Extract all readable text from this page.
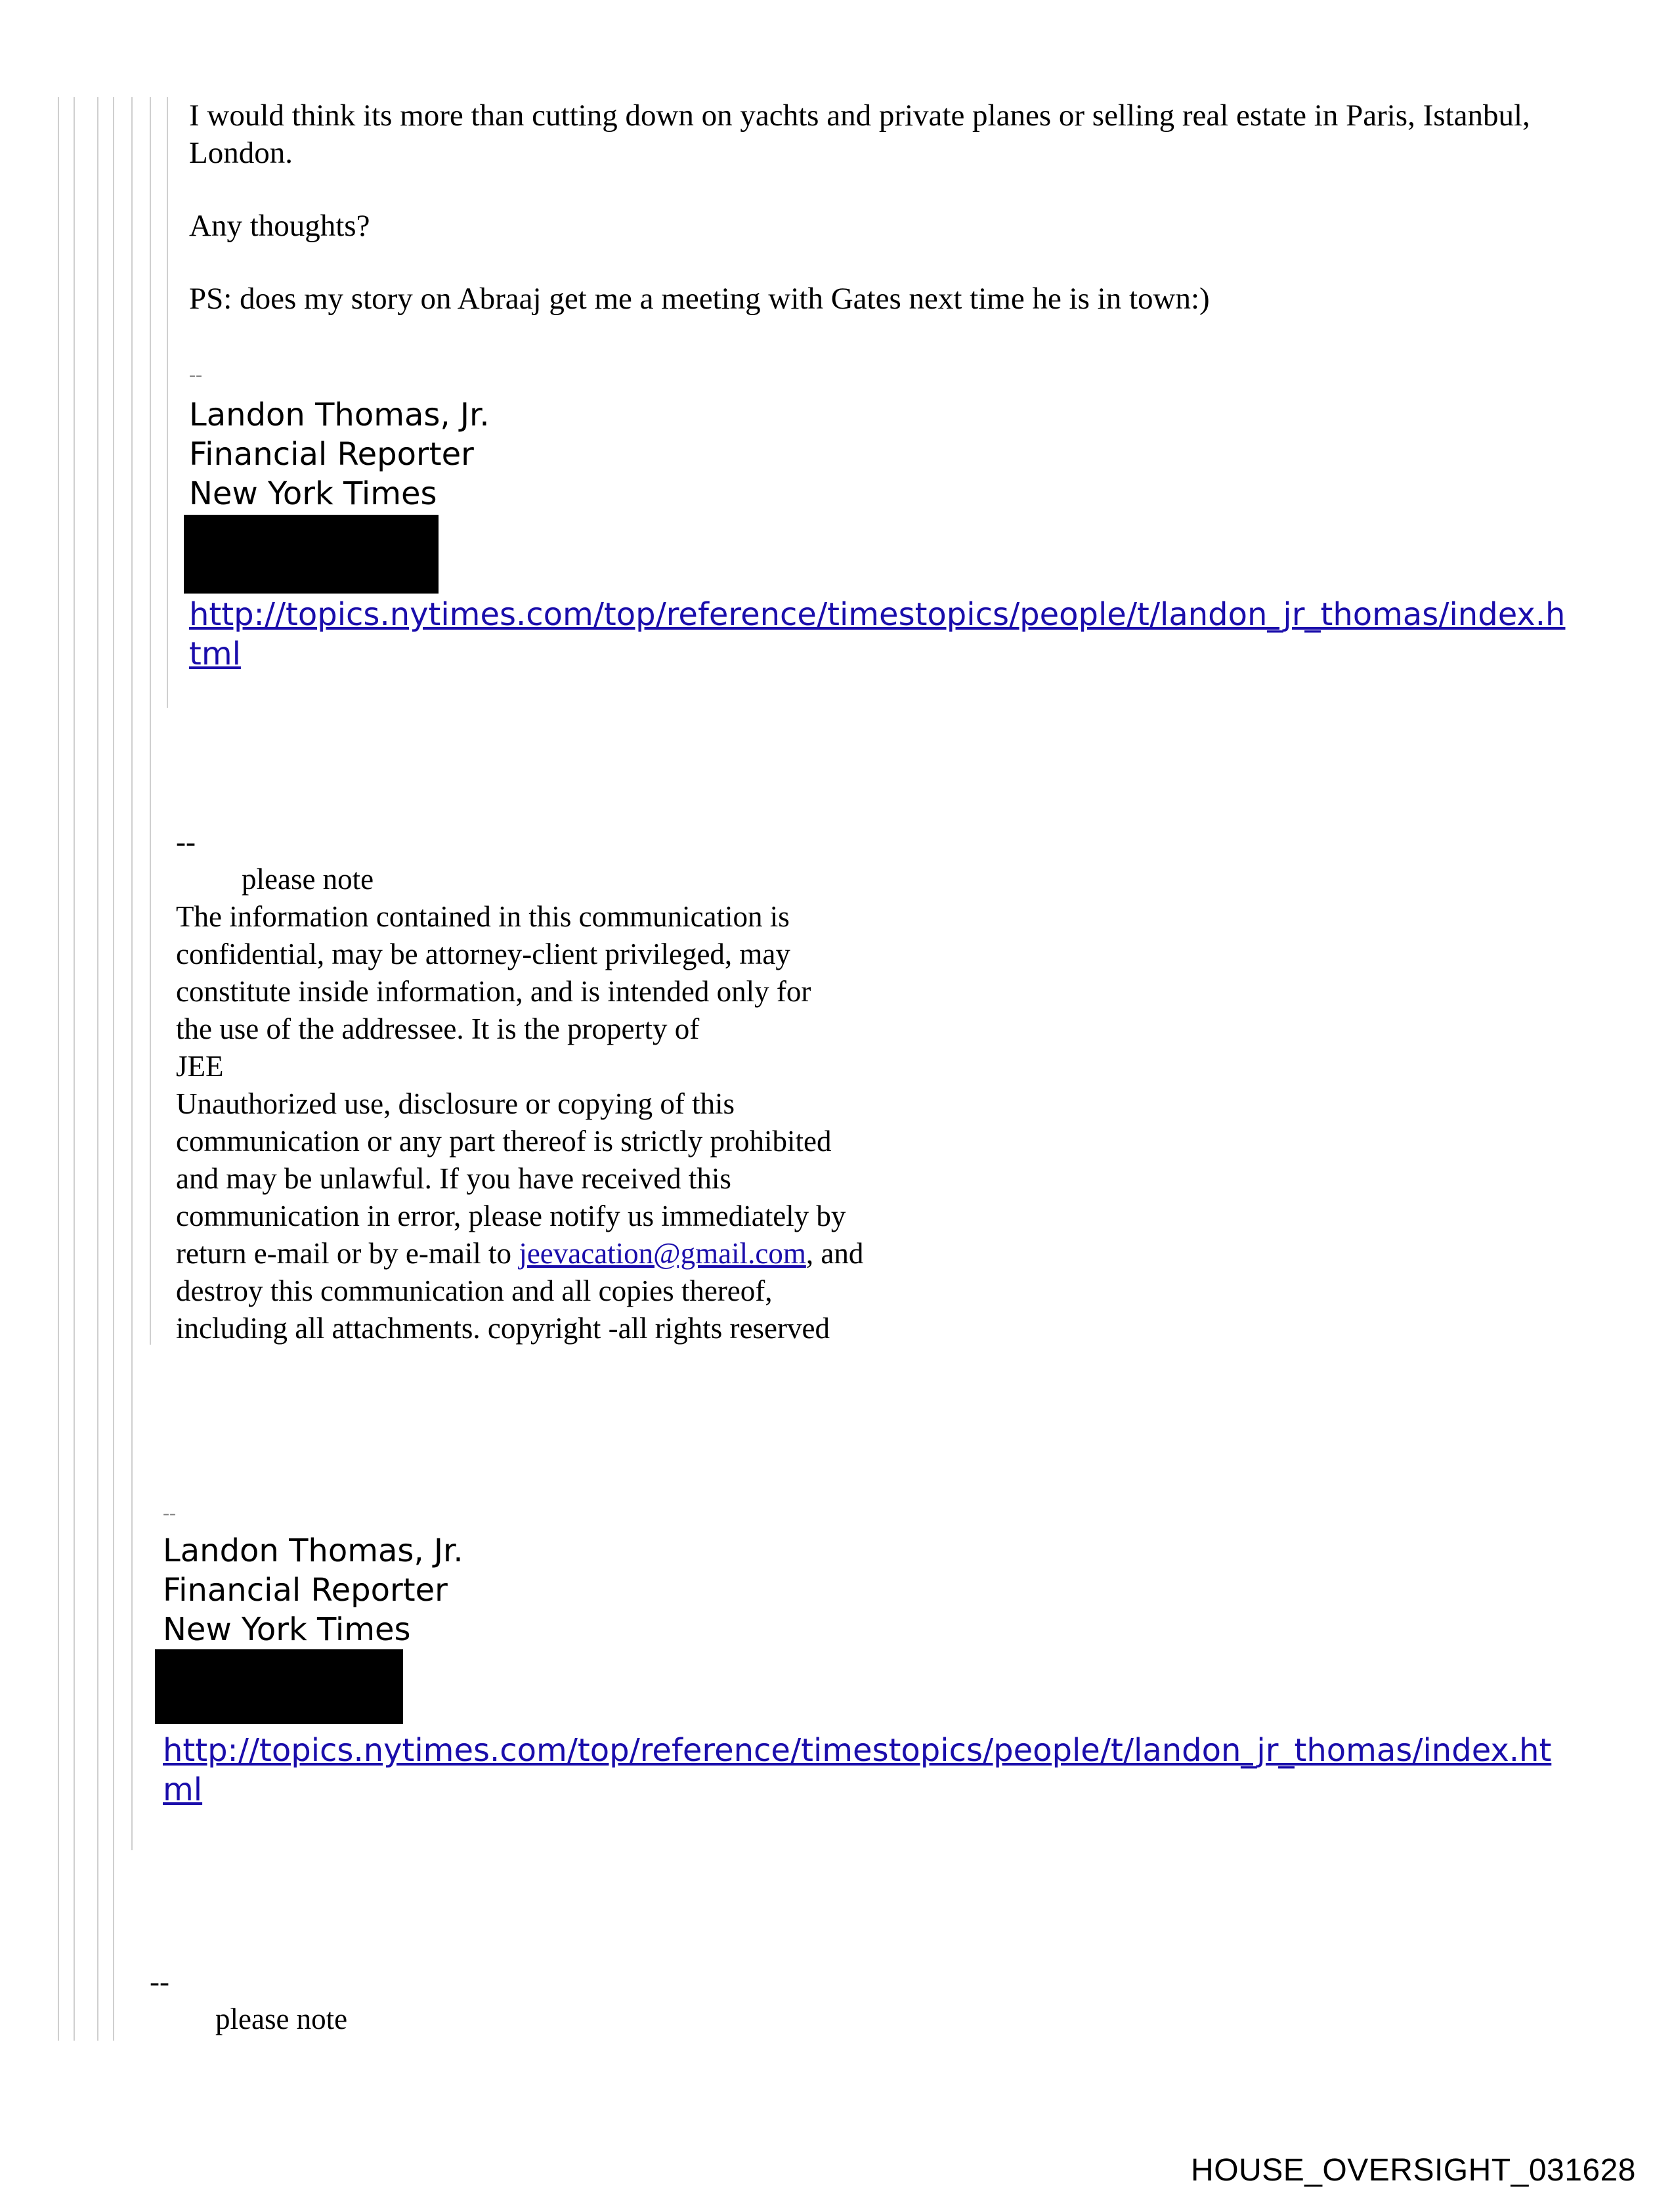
I would think its more than cutting down on yachts and private planes or selling real estate in Paris, Istanbul, London.

Any thoughts?

PS: does my story on Abraaj get me a meeting with Gates next time he is in town:)

--
Landon Thomas, Jr.
Financial Reporter
New York Times
http://topics.nytimes.com/top/reference/timestopics/people/t/landon_jr_thomas/index.html
--
please note
The information contained in this communication is
confidential, may be attorney-client privileged, may
constitute inside information, and is intended only for
the use of the addressee. It is the property of
JEE
Unauthorized use, disclosure or copying of this
communication or any part thereof is strictly prohibited
and may be unlawful. If you have received this
communication in error, please notify us immediately by
return e-mail or by e-mail to jeevacation@gmail.com, and
destroy this communication and all copies thereof,
including all attachments. copyright -all rights reserved
--
Landon Thomas, Jr.
Financial Reporter
New York Times
http://topics.nytimes.com/top/reference/timestopics/people/t/landon_jr_thomas/index.html
--
please note
HOUSE_OVERSIGHT_031628
